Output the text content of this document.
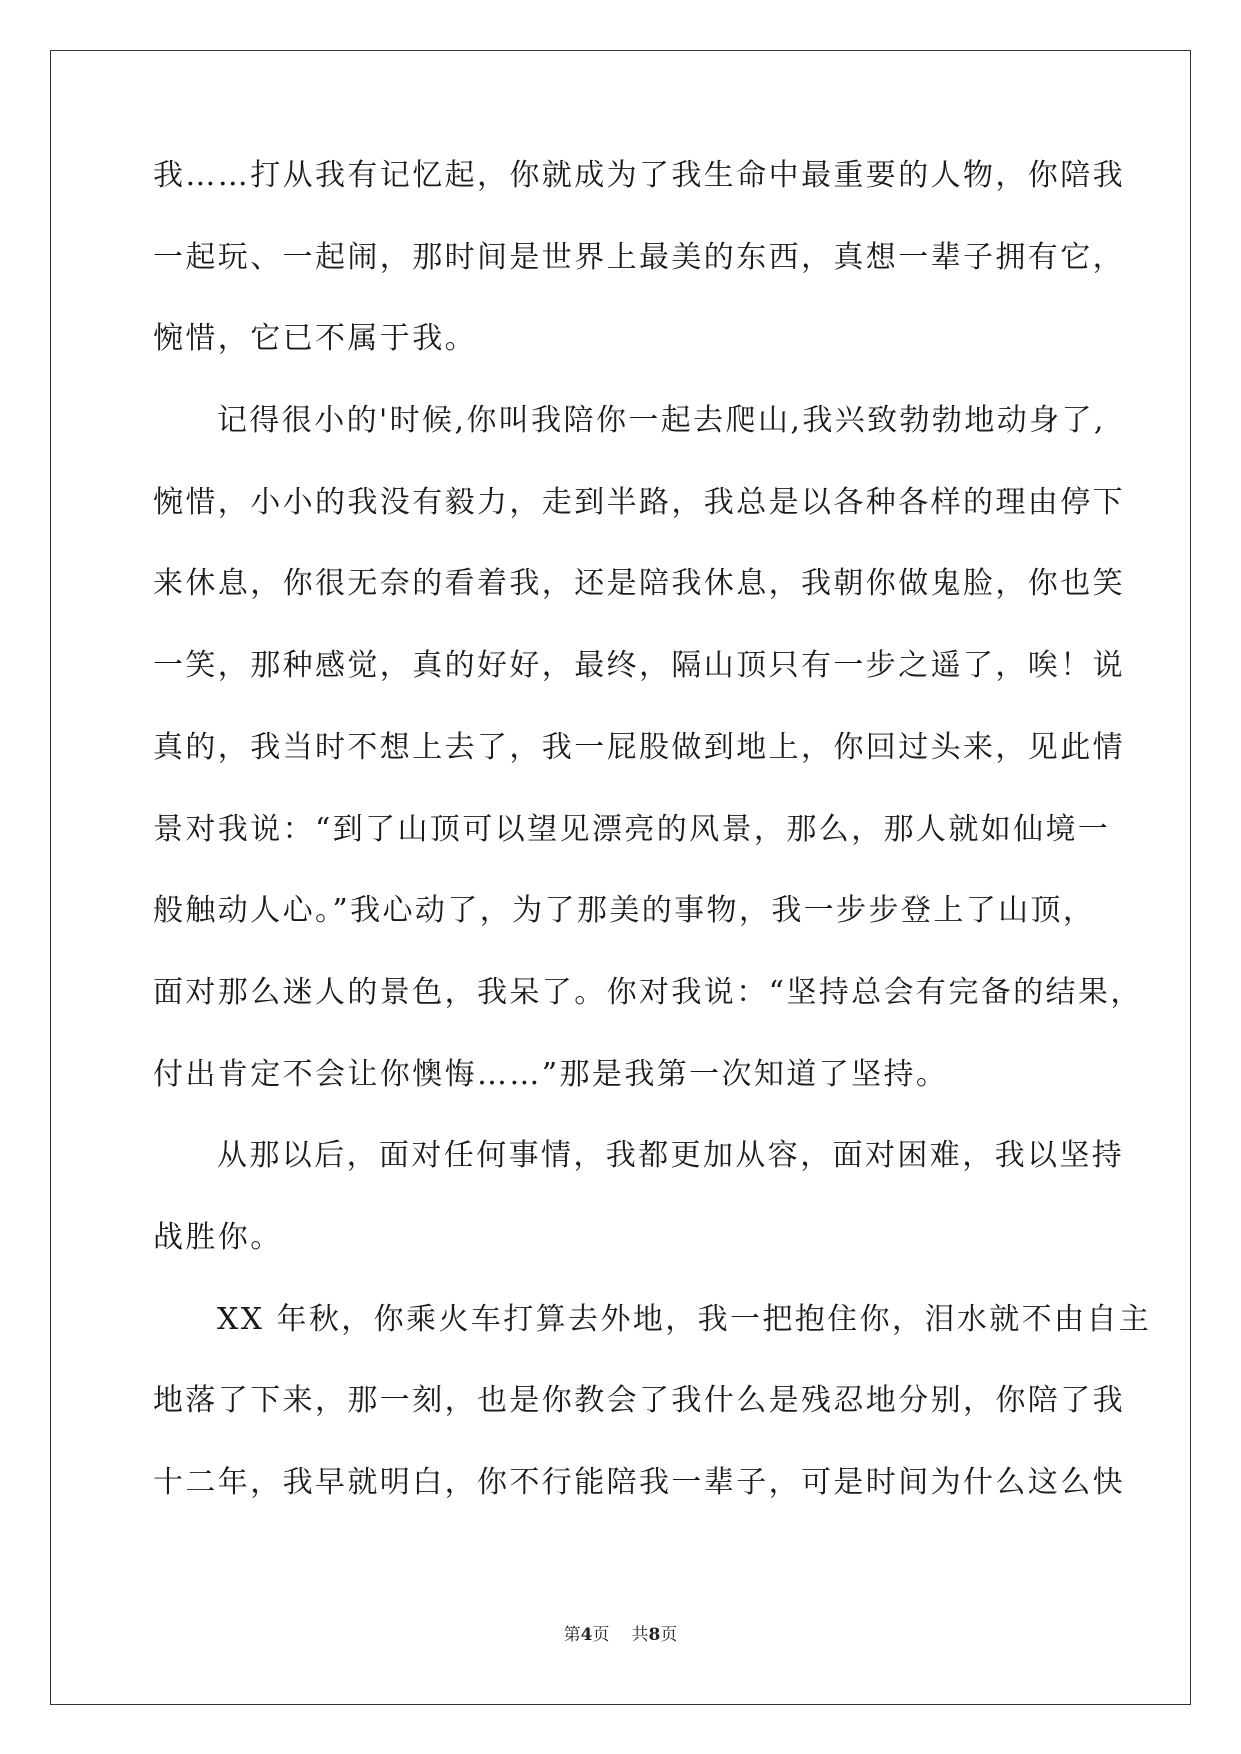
我……打从我有记忆起，你就成为了我生命中最重要的人物，你陪我
一起玩、一起闹，那时间是世界上最美的东西，真想一辈子拥有它，
惋惜，它已不属于我。
记得很小的'时候,你叫我陪你一起去爬山,我兴致勃勃地动身了,
惋惜，小小的我没有毅力，走到半路，我总是以各种各样的理由停下
来休息，你很无奈的看着我，还是陪我休息，我朝你做鬼脸，你也笑
一笑，那种感觉，真的好好，最终，隔山顶只有一步之遥了，唉！说
真的，我当时不想上去了，我一屁股做到地上，你回过头来，见此情
景对我说：“到了山顶可以望见漂亮的风景，那么，那人就如仙境一
般触动人心。”我心动了，为了那美的事物，我一步步登上了山顶，
面对那么迷人的景色，我呆了。你对我说：“坚持总会有完备的结果，
付出肯定不会让你懊悔……”那是我第一次知道了坚持。
从那以后，面对任何事情，我都更加从容，面对困难，我以坚持
战胜你。
XX 年秋，你乘火车打算去外地，我一把抱住你，泪水就不由自主
地落了下来，那一刻，也是你教会了我什么是残忍地分别，你陪了我
十二年，我早就明白，你不行能陪我一辈子，可是时间为什么这么快
第4页 共8页
